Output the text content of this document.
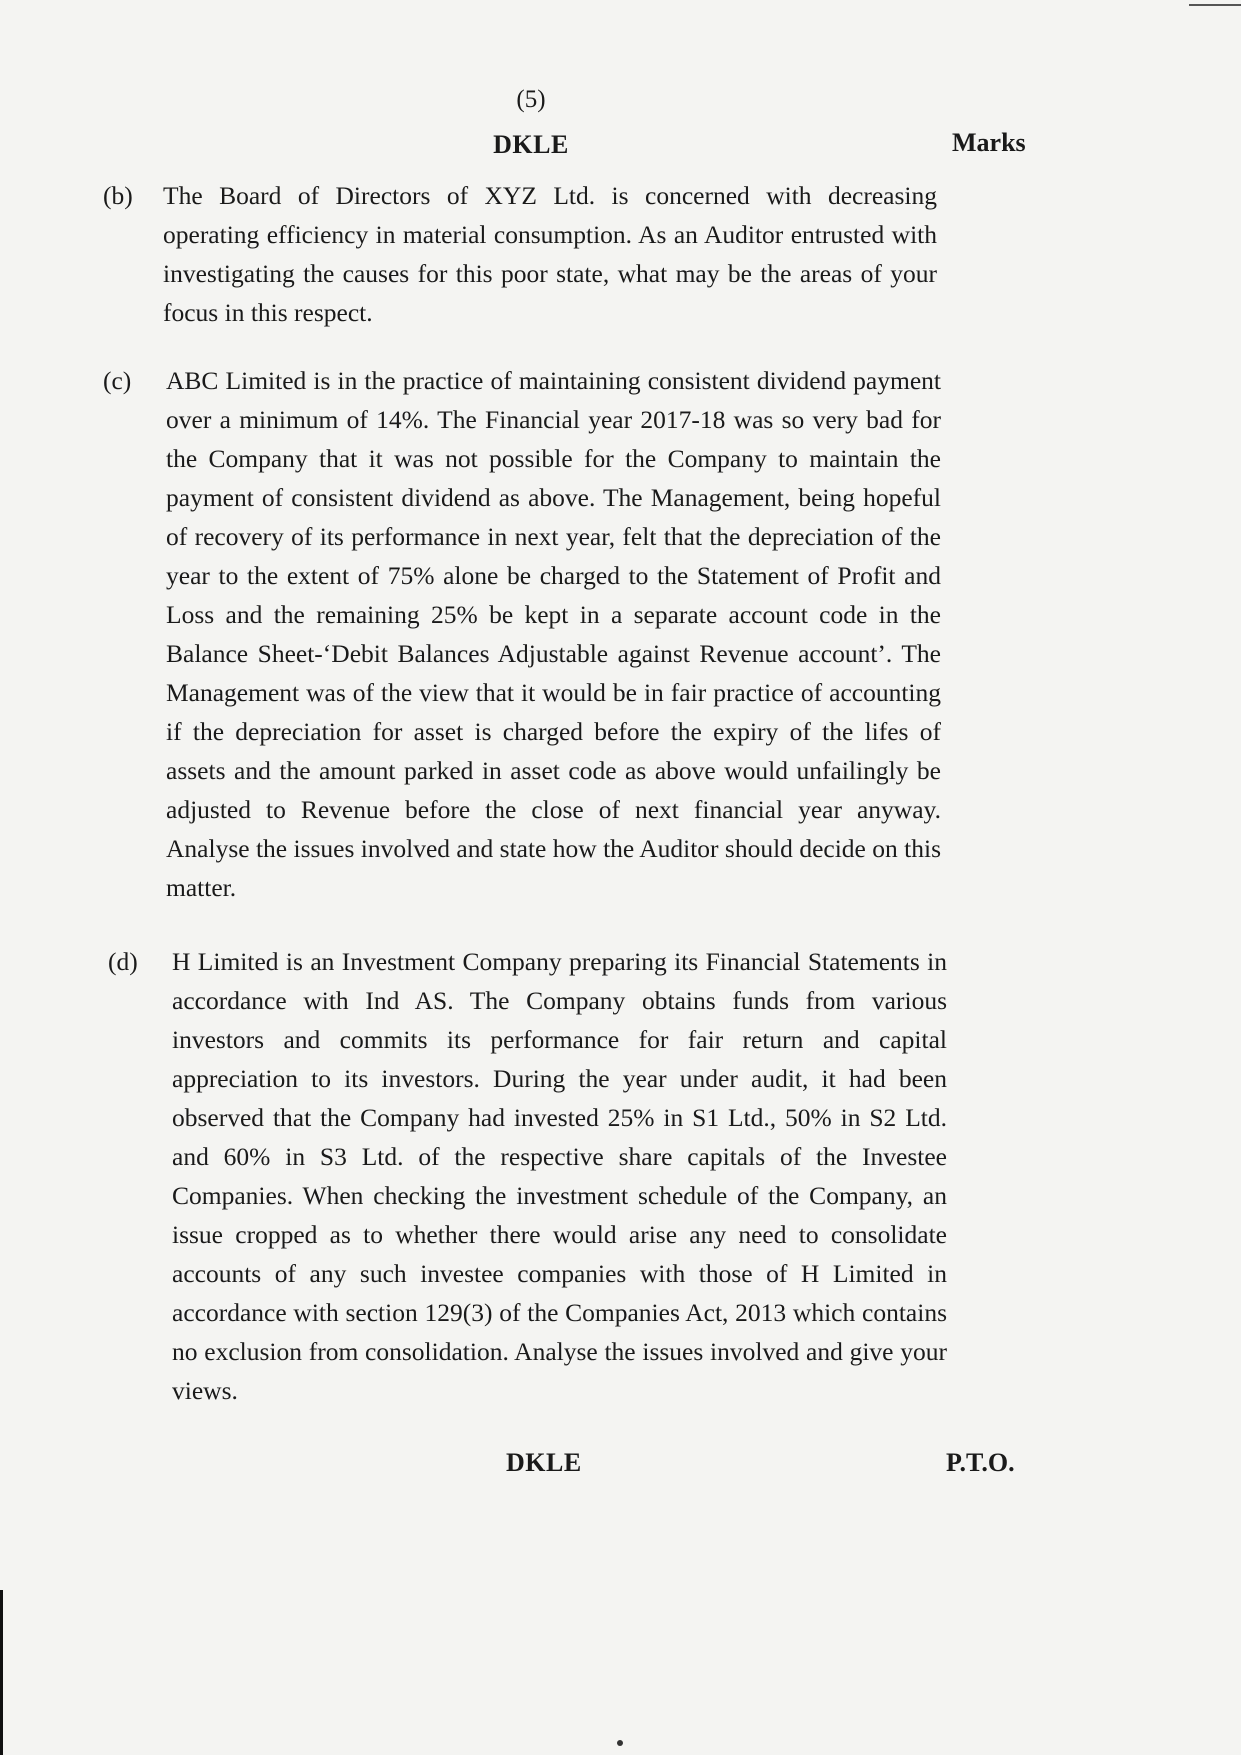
(5)
DKLE	Marks
(b) The Board of Directors of XYZ Ltd. is concerned with decreasing operating efficiency in material consumption. As an Auditor entrusted with investigating the causes for this poor state, what may be the areas of your focus in this respect.
(c) ABC Limited is in the practice of maintaining consistent dividend payment over a minimum of 14%. The Financial year 2017-18 was so very bad for the Company that it was not possible for the Company to maintain the payment of consistent dividend as above. The Management, being hopeful of recovery of its performance in next year, felt that the depreciation of the year to the extent of 75% alone be charged to the Statement of Profit and Loss and the remaining 25% be kept in a separate account code in the Balance Sheet-‘Debit Balances Adjustable against Revenue account’. The Management was of the view that it would be in fair practice of accounting if the depreciation for asset is charged before the expiry of the lifes of assets and the amount parked in asset code as above would unfailingly be adjusted to Revenue before the close of next financial year anyway. Analyse the issues involved and state how the Auditor should decide on this matter.
(d) H Limited is an Investment Company preparing its Financial Statements in accordance with Ind AS. The Company obtains funds from various investors and commits its performance for fair return and capital appreciation to its investors. During the year under audit, it had been observed that the Company had invested 25% in S1 Ltd., 50% in S2 Ltd. and 60% in S3 Ltd. of the respective share capitals of the Investee Companies. When checking the investment schedule of the Company, an issue cropped as to whether there would arise any need to consolidate accounts of any such investee companies with those of H Limited in accordance with section 129(3) of the Companies Act, 2013 which contains no exclusion from consolidation. Analyse the issues involved and give your views.
DKLE	P.T.O.
